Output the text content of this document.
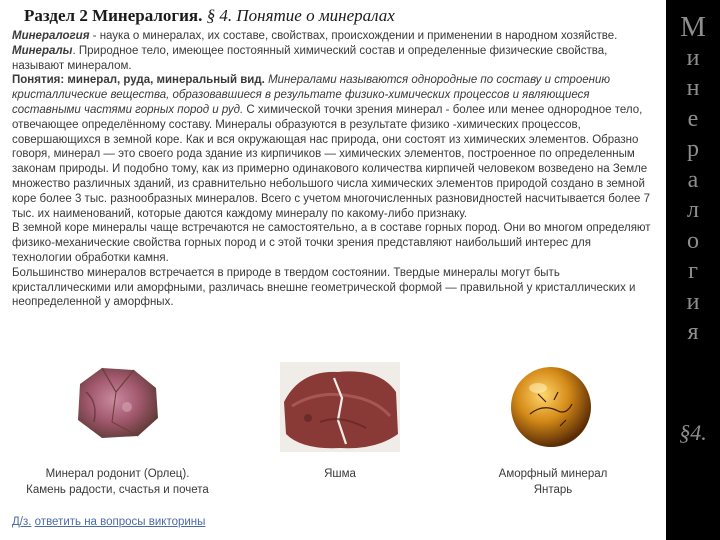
Раздел 2 Минералогия. § 4. Понятие о минералах

Минералогия - наука о минералах, их составе, свойствах, происхождении и применении в народном хозяйстве.

Минералы. Природное тело, имеющее постоянный химический состав и определенные физические свойства, называют минералом.

Понятия: минерал, руда, минеральный вид. Минералами называются однородные по составу и строению кристаллические вещества, образовавшиеся в результате физико-химических процессов и являющиеся составными частями горных пород и руд. С химической точки зрения минерал - более или менее однородное тело, отвечающее определённому составу. Минералы образуются в результате физико -химических процессов, совершающихся в земной коре. Как и вся окружающая нас природа, они состоят из химических элементов. Образно говоря, минерал — это своего рода здание из кирпичиков — химических элементов, построенное по определенным законам природы. И подобно тому, как из примерно одинакового количества кирпичей человеком возведено на Земле множество различных зданий, из сравнительно небольшого числа химических элементов природой создано в земной коре более 3 тыс. разнообразных минералов. Всего с учетом многочисленных разновидностей насчитывается более 7 тыс. их наименований, которые даются каждому минералу по какому-либо признаку.

В земной коре минералы чаще встречаются не самостоятельно, а в составе горных пород. Они во многом определяют физико-механические свойства горных пород и с этой точки зрения представляют наибольший интерес для технологии обработки камня.

Большинство минералов встречается в природе в твердом состоянии. Твердые минералы могут быть кристаллическими или аморфными, различась внешне геометрической формой — правильной у кристаллических и неопределенной у аморфных.

Минерал родонит (Орлец).
Камень радости, счастья и почета
Яшма	Аморфный минерал
Янтарь
Д/з. ответить на вопросы викторины
М
и
н
е
р
а
л
о
г
и
я
§4.
